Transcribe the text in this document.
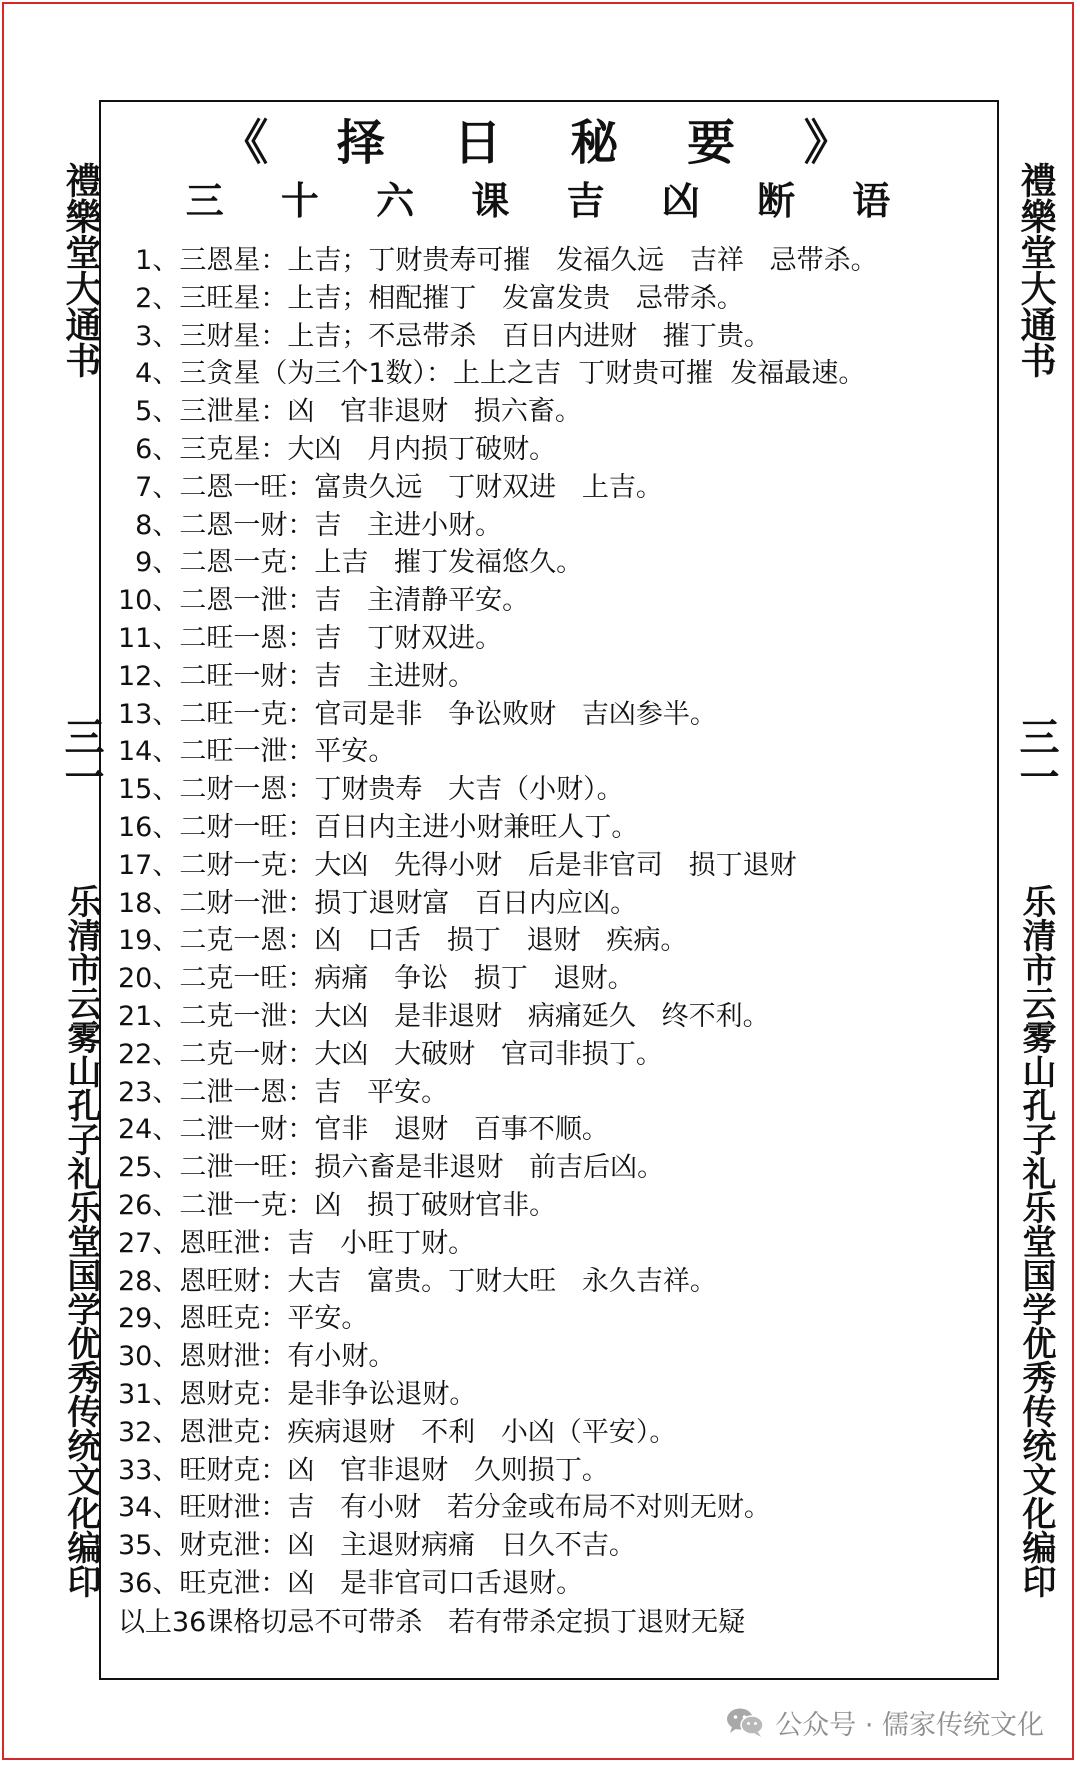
禮樂堂大通书
三一
乐清市云雾山孔子礼乐堂国学优秀传统文化编印
禮樂堂大通书
三一
乐清市云雾山孔子礼乐堂国学优秀传统文化编印
《 择 日 秘 要 》
三 十 六 课 吉 凶 断 语
1、三恩星：上吉；丁财贵寿可摧   发福久远   吉祥   忌带杀。
2、三旺星：上吉；相配摧丁   发富发贵   忌带杀。
3、三财星：上吉；不忌带杀   百日内进财   摧丁贵。
4、三贪星（为三个1数）：上上之吉  丁财贵可摧  发福最速。
5、三泄星：凶   官非退财   损六畜。
6、三克星：大凶   月内损丁破财。
7、二恩一旺：富贵久远   丁财双进   上吉。
8、二恩一财：吉   主进小财。
9、二恩一克：上吉   摧丁发福悠久。
10、二恩一泄：吉   主清静平安。
11、二旺一恩：吉   丁财双进。
12、二旺一财：吉   主进财。
13、二旺一克：官司是非   争讼败财   吉凶参半。
14、二旺一泄：平安。
15、二财一恩：丁财贵寿   大吉（小财）。
16、二财一旺：百日内主进小财兼旺人丁。
17、二财一克：大凶   先得小财   后是非官司   损丁退财
18、二财一泄：损丁退财富   百日内应凶。
19、二克一恩：凶   口舌   损丁   退财   疾病。
20、二克一旺：病痛   争讼   损丁   退财。
21、二克一泄：大凶   是非退财   病痛延久   终不利。
22、二克一财：大凶   大破财   官司非损丁。
23、二泄一恩：吉   平安。
24、二泄一财：官非   退财   百事不顺。
25、二泄一旺：损六畜是非退财   前吉后凶。
26、二泄一克：凶   损丁破财官非。
27、恩旺泄：吉   小旺丁财。
28、恩旺财：大吉   富贵。丁财大旺   永久吉祥。
29、恩旺克：平安。
30、恩财泄：有小财。
31、恩财克：是非争讼退财。
32、恩泄克：疾病退财   不利   小凶（平安）。
33、旺财克：凶   官非退财   久则损丁。
34、旺财泄：吉   有小财   若分金或布局不对则无财。
35、财克泄：凶   主退财病痛   日久不吉。
36、旺克泄：凶   是非官司口舌退财。
以上36课格切忌不可带杀   若有带杀定损丁退财无疑
公众号 · 儒家传统文化
